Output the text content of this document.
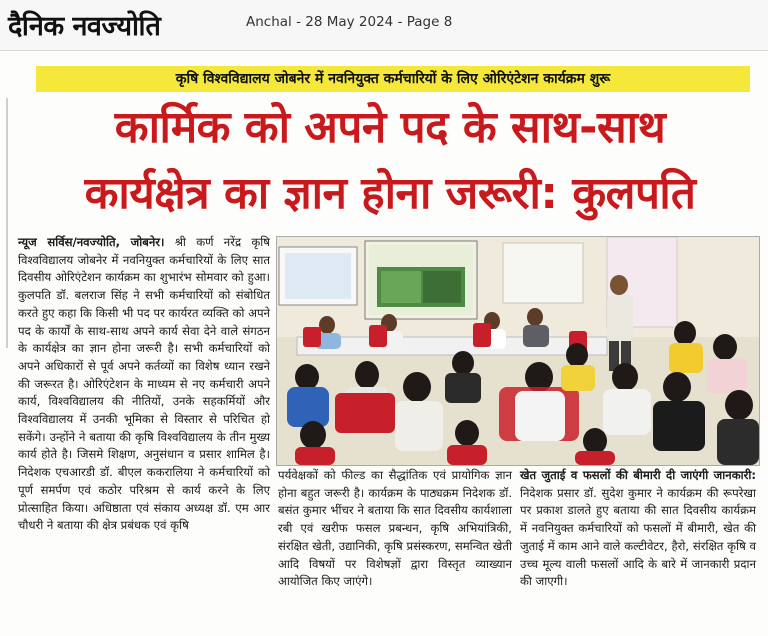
दैनिक नवज्योति	Anchal - 28 May 2024 - Page 8
कृषि विश्वविद्यालय जोबनेर में नवनियुक्त कर्मचारियों के लिए ओरिएंटेशन कार्यक्रम शुरू
कार्मिक को अपने पद के साथ-साथ
कार्यक्षेत्र का ज्ञान होना जरूरी: कुलपति
न्यूज सर्विस/नवज्योति, जोबनेर। श्री कर्ण नरेंद्र कृषि विश्वविद्यालय जोबनेर में नवनियुक्त कर्मचारियों के लिए सात दिवसीय ओरिएंटेशन कार्यक्रम का शुभारंभ सोमवार को हुआ। कुलपति डॉ. बलराज सिंह ने सभी कर्मचारियों को संबोधित करते हुए कहा कि किसी भी पद पर कार्यरत व्यक्ति को अपने पद के कार्यों के साथ-साथ अपने कार्य सेवा देने वाले संगठन के कार्यक्षेत्र का ज्ञान होना जरूरी है। सभी कर्मचारियों को अपने अधिकारों से पूर्व अपने कर्तव्यों का विशेष ध्यान रखने की जरूरत है। ओरिएंटेशन के माध्यम से नए कर्मचारी अपने कार्य, विश्वविद्यालय की नीतियों, उनके सहकर्मियों और विश्वविद्यालय में उनकी भूमिका से विस्तार से परिचित हो सकेंगे। उन्होंने ने बताया की कृषि विश्वविद्यालय के तीन मुख्य कार्य होते है। जिसमे शिक्षण, अनुसंधान व प्रसार शामिल है। निदेशक एचआरडी डॉ. बीएल ककरालिया ने कर्मचारियों को पूर्ण समर्पण एवं कठोर परिश्रम से कार्य करने के लिए प्रोत्साहित किया। अधिष्ठाता एवं संकाय अध्यक्ष डॉ. एम आर चौधरी ने बताया की क्षेत्र प्रबंधक एवं कृषि
पर्यवेक्षकों को फील्ड का सैद्धांतिक एवं प्रायोगिक ज्ञान होना बहुत जरूरी है। कार्यक्रम के पाठ्यक्रम निदेशक डॉ. बसंत कुमार भींचर ने बताया कि सात दिवसीय कार्यशाला रबी एवं खरीफ फसल प्रबन्धन, कृषि अभियांत्रिकी, संरक्षित खेती, उद्यानिकी, कृषि प्रसंस्करण, समन्वित खेती आदि विषयों पर विशेषज्ञों द्वारा विस्तृत व्याख्यान आयोजित किए जाएंगे।
खेत जुताई व फसलों की बीमारी दी जाएंगी जानकारी: निदेशक प्रसार डॉ. सुदेश कुमार ने कार्यक्रम की रूपरेखा पर प्रकाश डालते हुए बताया की सात दिवसीय कार्यक्रम में नवनियुक्त कर्मचारियों को फसलों में बीमारी, खेत की जुताई में काम आने वाले कल्टीवेटर, हैरो, संरक्षित कृषि व उच्च मूल्य वाली फसलों आदि के बारे में जानकारी प्रदान की जाएगी।
